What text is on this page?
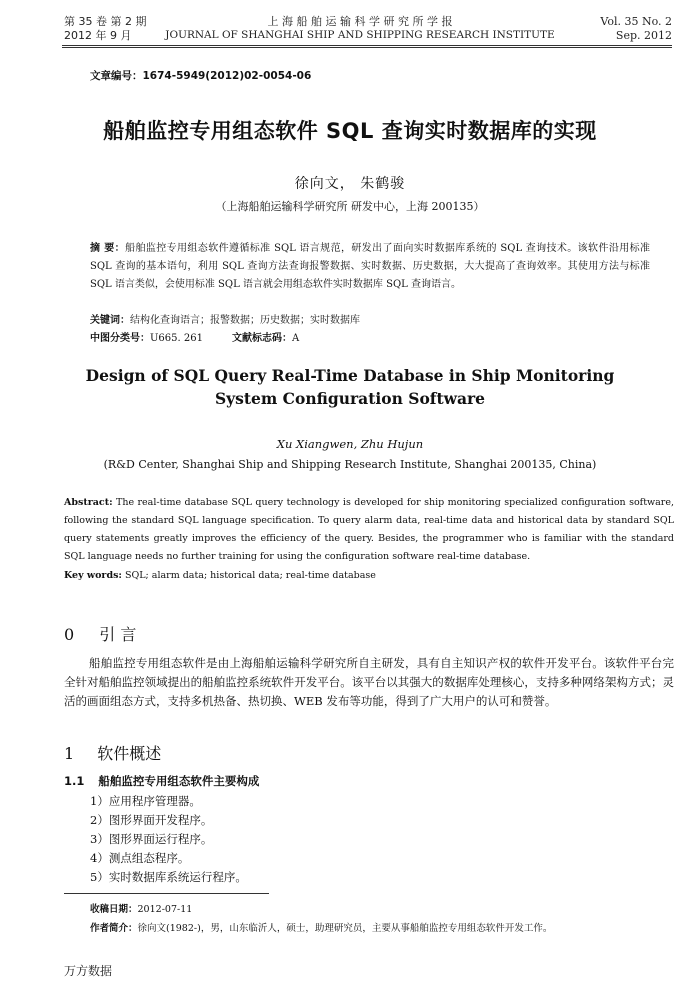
第 35 卷 第 2 期
2012 年 9 月
上 海 船 舶 运 输 科 学 研 究 所 学 报
JOURNAL OF SHANGHAI SHIP AND SHIPPING RESEARCH INSTITUTE
Vol. 35 No. 2
Sep. 2012
文章编号：1674-5949(2012)02-0054-06
船舶监控专用组态软件 SQL 查询实时数据库的实现
徐向文， 朱鹤骏
（上海船舶运输科学研究所 研发中心，上海 200135）
摘 要：船舶监控专用组态软件遵循标准 SQL 语言规范，研发出了面向实时数据库系统的 SQL 查询技术。该软件沿用标准 SQL 查询的基本语句，利用 SQL 查询方法查询报警数据、实时数据、历史数据，大大提高了查询效率。其使用方法与标准 SQL 语言类似，会使用标准 SQL 语言就会用组态软件实时数据库 SQL 查询语言。
关键词：结构化查询语言；报警数据；历史数据；实时数据库
中图分类号：U665. 261	文献标志码：A
Design of SQL Query Real-Time Database in Ship Monitoring
System Configuration Software
Xu Xiangwen, Zhu Hujun
(R&D Center, Shanghai Ship and Shipping Research Institute, Shanghai 200135, China)
Abstract: The real-time database SQL query technology is developed for ship monitoring specialized configuration software, following the standard SQL language specification. To query alarm data, real-time data and historical data by standard SQL query statements greatly improves the efficiency of the query. Besides, the programmer who is familiar with the standard SQL language needs no further training for using the configuration software real-time database.
Key words: SQL; alarm data; historical data; real-time database
0 引 言
船舶监控专用组态软件是由上海船舶运输科学研究所自主研发，具有自主知识产权的软件开发平台。该软件平台完全针对船舶监控领域提出的船舶监控系统软件开发平台。该平台以其强大的数据库处理核心，支持多种网络架构方式；灵活的画面组态方式，支持多机热备、热切换、WEB 发布等功能，得到了广大用户的认可和赞誉。
1 软件概述
1.1 船舶监控专用组态软件主要构成
1）应用程序管理器。
2）图形界面开发程序。
3）图形界面运行程序。
4）测点组态程序。
5）实时数据库系统运行程序。
收稿日期：2012-07-11
作者简介：徐向文(1982-)，男，山东临沂人，硕士，助理研究员，主要从事船舶监控专用组态软件开发工作。
万方数据
